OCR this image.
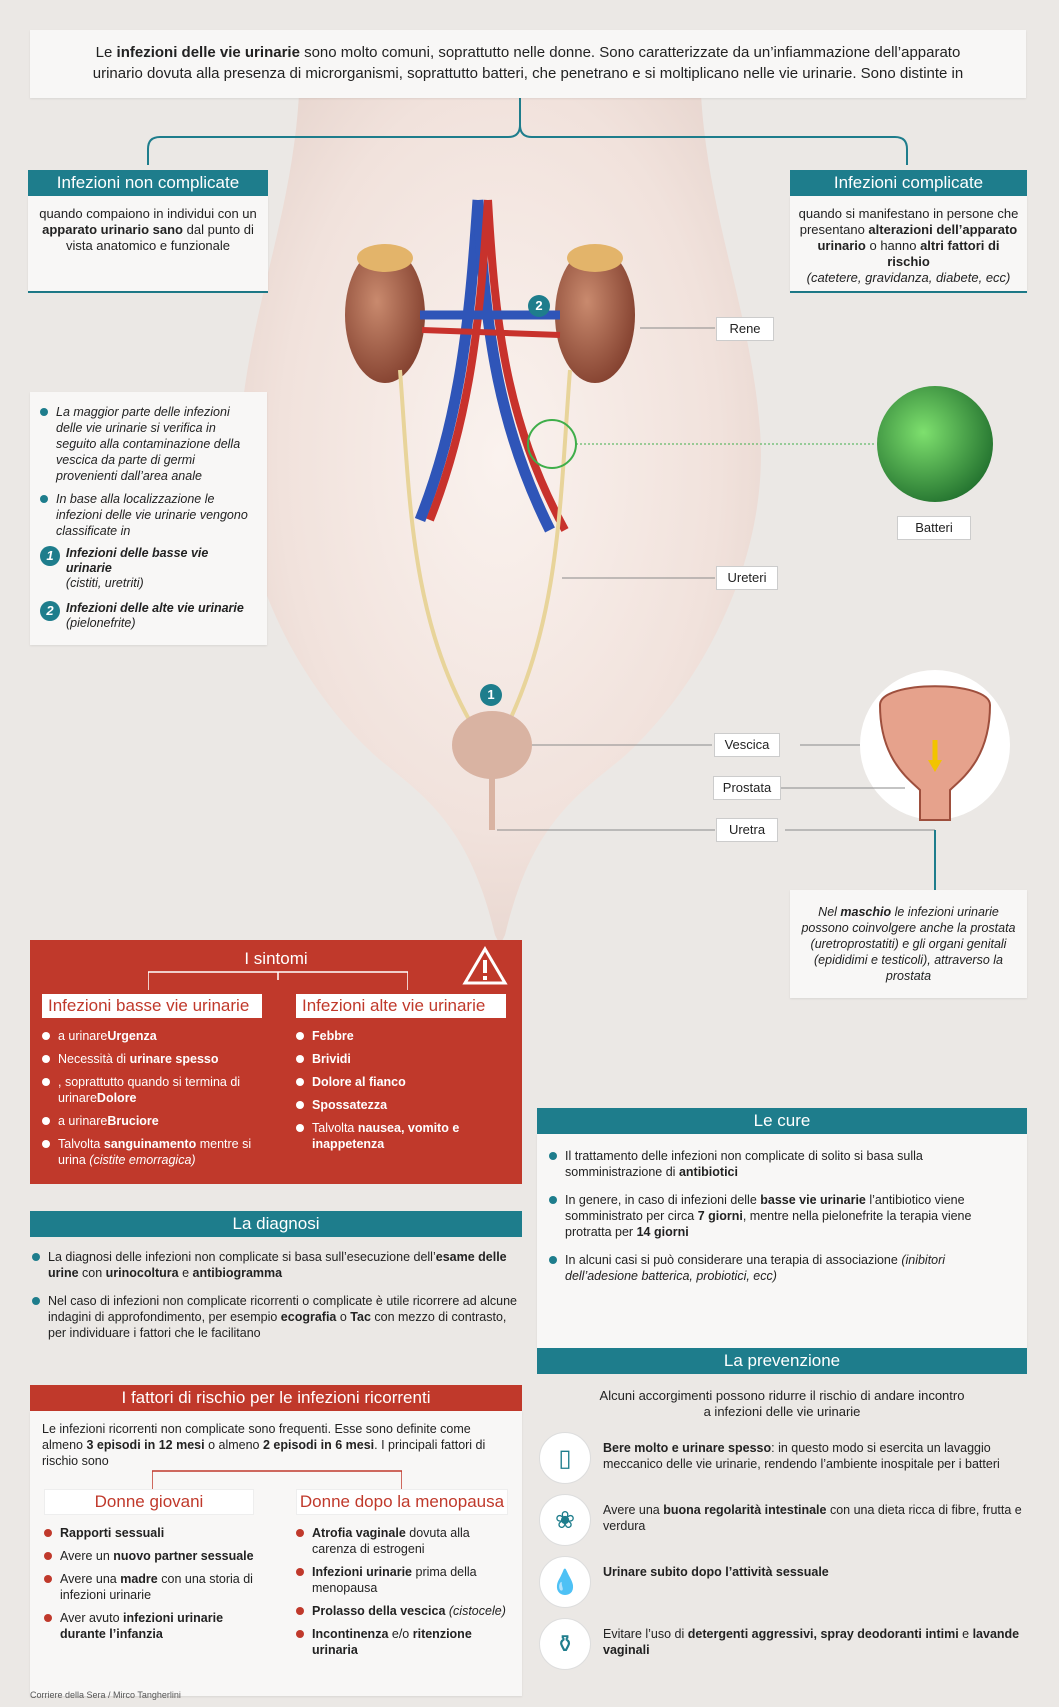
Le infezioni delle vie urinarie sono molto comuni, soprattutto nelle donne. Sono caratterizzate da un’infiammazione dell’apparato urinario dovuta alla presenza di microrganismi, soprattutto batteri, che penetrano e si moltiplicano nelle vie urinarie. Sono distinte in
Infezioni non complicate
quando compaiono in individui con un apparato urinario sano dal punto di vista anatomico e funzionale
Infezioni complicate
quando si manifestano in persone che presentano alterazioni dell’apparato urinario o hanno altri fattori di rischio
(catetere, gravidanza, diabete, ecc)
La maggior parte delle infezioni delle vie urinarie si verifica in seguito alla contaminazione della vescica da parte di germi provenienti dall’area anale
In base alla localizzazione le infezioni delle vie urinarie vengono classificate in
1 Infezioni delle basse vie urinarie
(cistiti, uretriti)
2 Infezioni delle alte vie urinarie
(pielonefrite)
2
1
Rene
Batteri
Ureteri
Vescica
Prostata
Uretra
Nel maschio le infezioni urinarie possono coinvolgere anche la prostata (uretroprostatiti) e gli organi genitali (epididimi e testicoli), attraverso la prostata
I sintomi
Infezioni basse vie urinarie
a urinareUrgenza
Necessità di urinare spesso
, soprattutto quando si termina di urinareDolore
a urinareBruciore
Talvolta sanguinamento mentre si urina (cistite emorragica)
Infezioni alte vie urinarie
Febbre
Brividi
Dolore al fianco
Spossatezza
Talvolta nausea, vomito e inappetenza
Le cure
Il trattamento delle infezioni non complicate di solito si basa sulla somministrazione di antibiotici
In genere, in caso di infezioni delle basse vie urinarie l’antibiotico viene somministrato per circa 7 giorni, mentre nella pielonefrite la terapia viene protratta per 14 giorni
In alcuni casi si può considerare una terapia di associazione (inibitori dell’adesione batterica, probiotici, ecc)
La diagnosi
La diagnosi delle infezioni non complicate si basa sull’esecuzione dell’esame delle urine con urinocoltura e antibiogramma
Nel caso di infezioni non complicate ricorrenti o complicate è utile ricorrere ad alcune indagini di approfondimento, per esempio ecografia o Tac con mezzo di contrasto, per individuare i fattori che le facilitano
I fattori di rischio per le infezioni ricorrenti
Le infezioni ricorrenti non complicate sono frequenti. Esse sono definite come almeno 3 episodi in 12 mesi o almeno 2 episodi in 6 mesi. I principali fattori di rischio sono
Donne giovani
Rapporti sessuali
Avere un nuovo partner sessuale
Avere una madre con una storia di infezioni urinarie
Aver avuto infezioni urinarie durante l’infanzia
Donne dopo la menopausa
Atrofia vaginale dovuta alla carenza di estrogeni
Infezioni urinarie prima della menopausa
Prolasso della vescica (cistocele)
Incontinenza e/o ritenzione urinaria
La prevenzione
Alcuni accorgimenti possono ridurre il rischio di andare incontro a infezioni delle vie urinarie
▯	Bere molto e urinare spesso: in questo modo si esercita un lavaggio meccanico delle vie urinarie, rendendo l’ambiente inospitale per i batteri
❀	Avere una buona regolarità intestinale con una dieta ricca di fibre, frutta e verdura
💧	Urinare subito dopo l’attività sessuale
⚱	Evitare l’uso di detergenti aggressivi, spray deodoranti intimi e lavande vaginali
Corriere della Sera / Mirco Tangherlini
